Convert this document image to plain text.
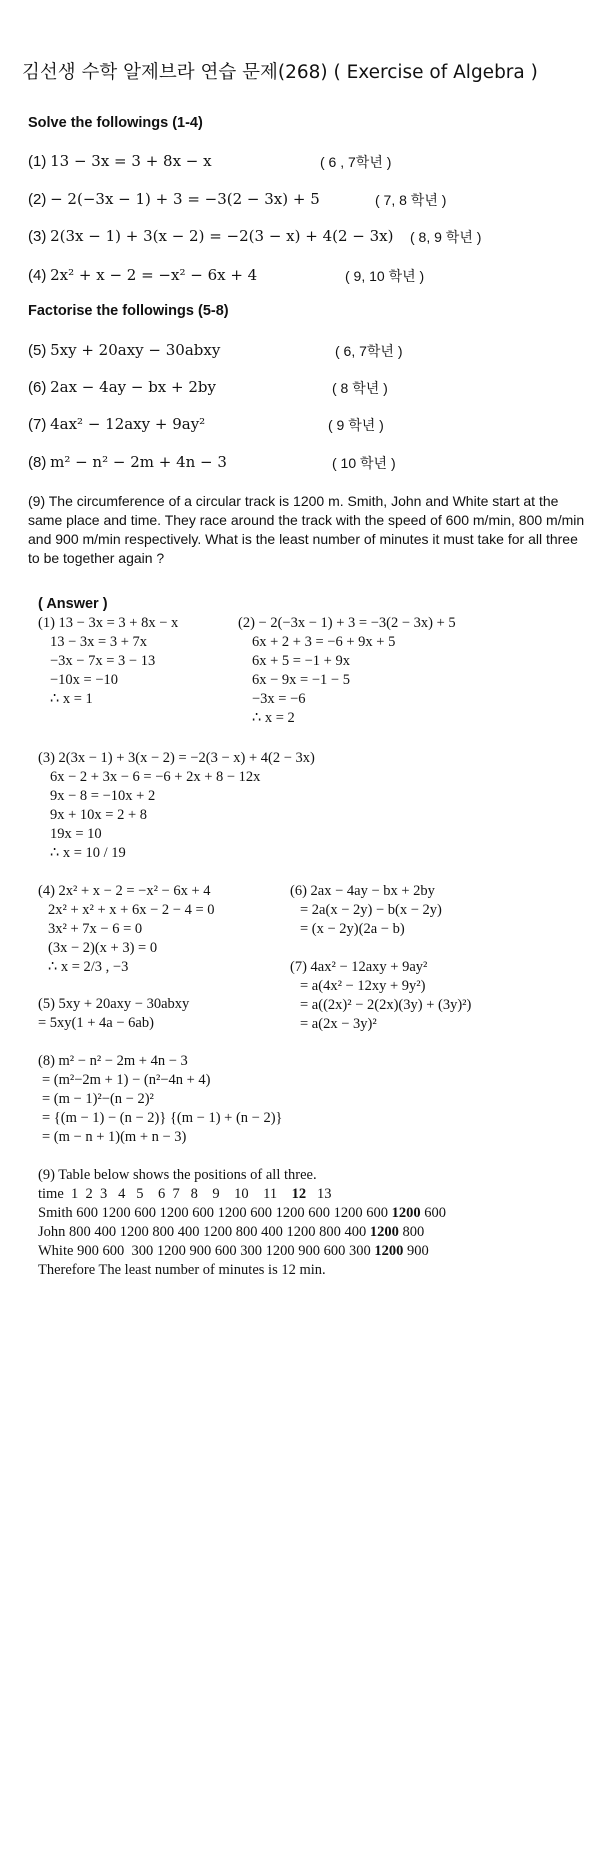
김선생 수학 알제브라 연습 문제(268) ( Exercise of Algebra )
Solve the followings (1-4)
(1) 13 − 3x = 3 + 8x − x	( 6 , 7학년 )
(2) − 2(−3x − 1) + 3 = −3(2 − 3x) + 5	( 7, 8 학년 )
(3) 2(3x − 1) + 3(x − 2) = −2(3 − x) + 4(2 − 3x) ( 8, 9 학년 )
(4) 2x² + x − 2 = −x² − 6x + 4	( 9, 10 학년 )
Factorise the followings (5-8)
(5) 5xy + 20axy − 30abxy	( 6, 7학년 )
(6) 2ax − 4ay − bx + 2by	( 8 학년 )
(7) 4ax² − 12axy + 9ay²	( 9 학년 )
(8) m² − n² − 2m + 4n − 3	( 10 학년 )
(9) The circumference of a circular track is 1200 m. Smith, John and White start at the same place and time. They race around the track with the speed of 600 m/min, 800 m/min and 900 m/min respectively. What is the least number of minutes it must take for all three to be together again ?
( Answer )
(1) 13 − 3x = 3 + 8x − x
13 − 3x = 3 + 7x
−3x − 7x = 3 − 13
−10x = −10
∴ x = 1
(2) − 2(−3x − 1) + 3 = −3(2 − 3x) + 5
6x + 2 + 3 = −6 + 9x + 5
6x + 5 = −1 + 9x
6x − 9x = −1 − 5
−3x = −6
∴ x = 2
(3) 2(3x − 1) + 3(x − 2) = −2(3 − x) + 4(2 − 3x)
6x − 2 + 3x − 6 = −6 + 2x + 8 − 12x
9x − 8 = −10x + 2
9x + 10x = 2 + 8
19x = 10
∴ x = 10 / 19
(4) 2x² + x − 2 = −x² − 6x + 4
2x² + x² + x + 6x − 2 − 4 = 0
3x² + 7x − 6 = 0
(3x − 2)(x + 3) = 0
∴ x = 2/3 , −3
(5) 5xy + 20axy − 30abxy
= 5xy(1 + 4a − 6ab)
(6) 2ax − 4ay − bx + 2by
= 2a(x − 2y) − b(x − 2y)
= (x − 2y)(2a − b)
(7) 4ax² − 12axy + 9ay²
= a(4x² − 12xy + 9y²)
= a((2x)² − 2(2x)(3y) + (3y)²)
= a(2x − 3y)²
(8) m² − n² − 2m + 4n − 3
= (m²−2m + 1) − (n²−4n + 4)
= (m − 1)²−(n − 2)²
= {(m − 1) − (n − 2)} {(m − 1) + (n − 2)}
= (m − n + 1)(m + n − 3)
(9) Table below shows the positions of all three.
time 1 2 3 4 5 6 7 8 9 10 11 12 13
Smith 600 1200 600 1200 600 1200 600 1200 600 1200 600 1200 600
John 800 400 1200 800 400 1200 800 400 1200 800 400 1200 800
White 900 600 300 1200 900 600 300 1200 900 600 300 1200 900
Therefore The least number of minutes is 12 min.
